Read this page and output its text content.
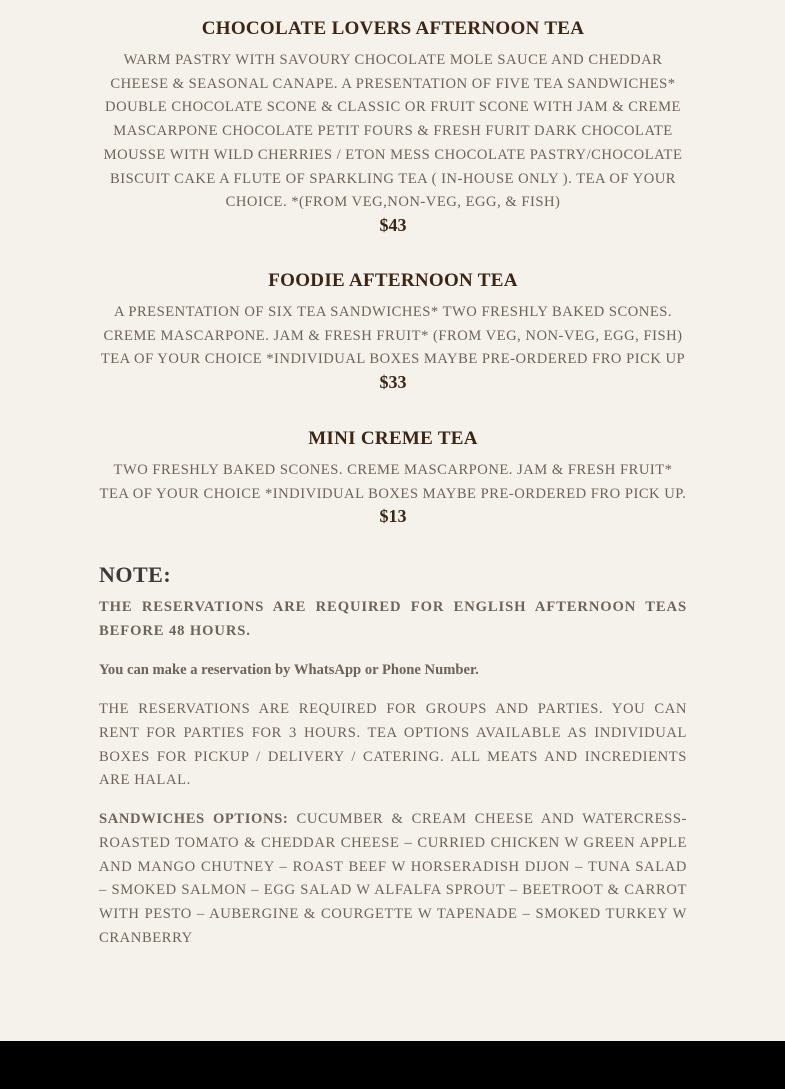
CHOCOLATE LOVERS AFTERNOON TEA

WARM PASTRY WITH SAVOURY CHOCOLATE MOLE SAUCE AND CHEDDAR CHEESE & SEASONAL CANAPE. A PRESENTATION OF FIVE TEA SANDWICHES* DOUBLE CHOCOLATE SCONE & CLASSIC OR FRUIT SCONE WITH JAM & CREME MASCARPONE CHOCOLATE PETIT FOURS & FRESH FURIT DARK CHOCOLATE MOUSSE WITH WILD CHERRIES / ETON MESS CHOCOLATE PASTRY/CHOCOLATE BISCUIT CAKE A FLUTE OF SPARKLING TEA ( IN-HOUSE ONLY ). TEA OF YOUR CHOICE. *(FROM VEG,NON-VEG, EGG, & FISH)

$43

FOODIE AFTERNOON TEA

A PRESENTATION OF SIX TEA SANDWICHES* TWO FRESHLY BAKED SCONES. CREME MASCARPONE. JAM & FRESH FRUIT* (FROM VEG, NON-VEG, EGG, FISH) TEA OF YOUR CHOICE *INDIVIDUAL BOXES MAYBE PRE-ORDERED FRO PICK UP

$33

MINI CREME TEA

TWO FRESHLY BAKED SCONES. CREME MASCARPONE. JAM & FRESH FRUIT* TEA OF YOUR CHOICE *INDIVIDUAL BOXES MAYBE PRE-ORDERED FRO PICK UP.

$13

NOTE:

THE RESERVATIONS ARE REQUIRED FOR ENGLISH AFTERNOON TEAS BEFORE 48 HOURS.

You can make a reservation by WhatsApp or Phone Number.

THE RESERVATIONS ARE REQUIRED FOR GROUPS AND PARTIES. YOU CAN RENT FOR PARTIES FOR 3 HOURS. TEA OPTIONS AVAILABLE AS INDIVIDUAL BOXES FOR PICKUP / DELIVERY / CATERING. ALL MEATS AND INCREDIENTS ARE HALAL.

SANDWICHES OPTIONS: CUCUMBER & CREAM CHEESE AND WATERCRESS- ROASTED TOMATO & CHEDDAR CHEESE – CURRIED CHICKEN W GREEN APPLE AND MANGO CHUTNEY – ROAST BEEF W HORSERADISH DIJON – TUNA SALAD – SMOKED SALMON – EGG SALAD W ALFALFA SPROUT – BEETROOT & CARROT WITH PESTO – AUBERGINE & COURGETTE W TAPENADE – SMOKED TURKEY W CRANBERRY
